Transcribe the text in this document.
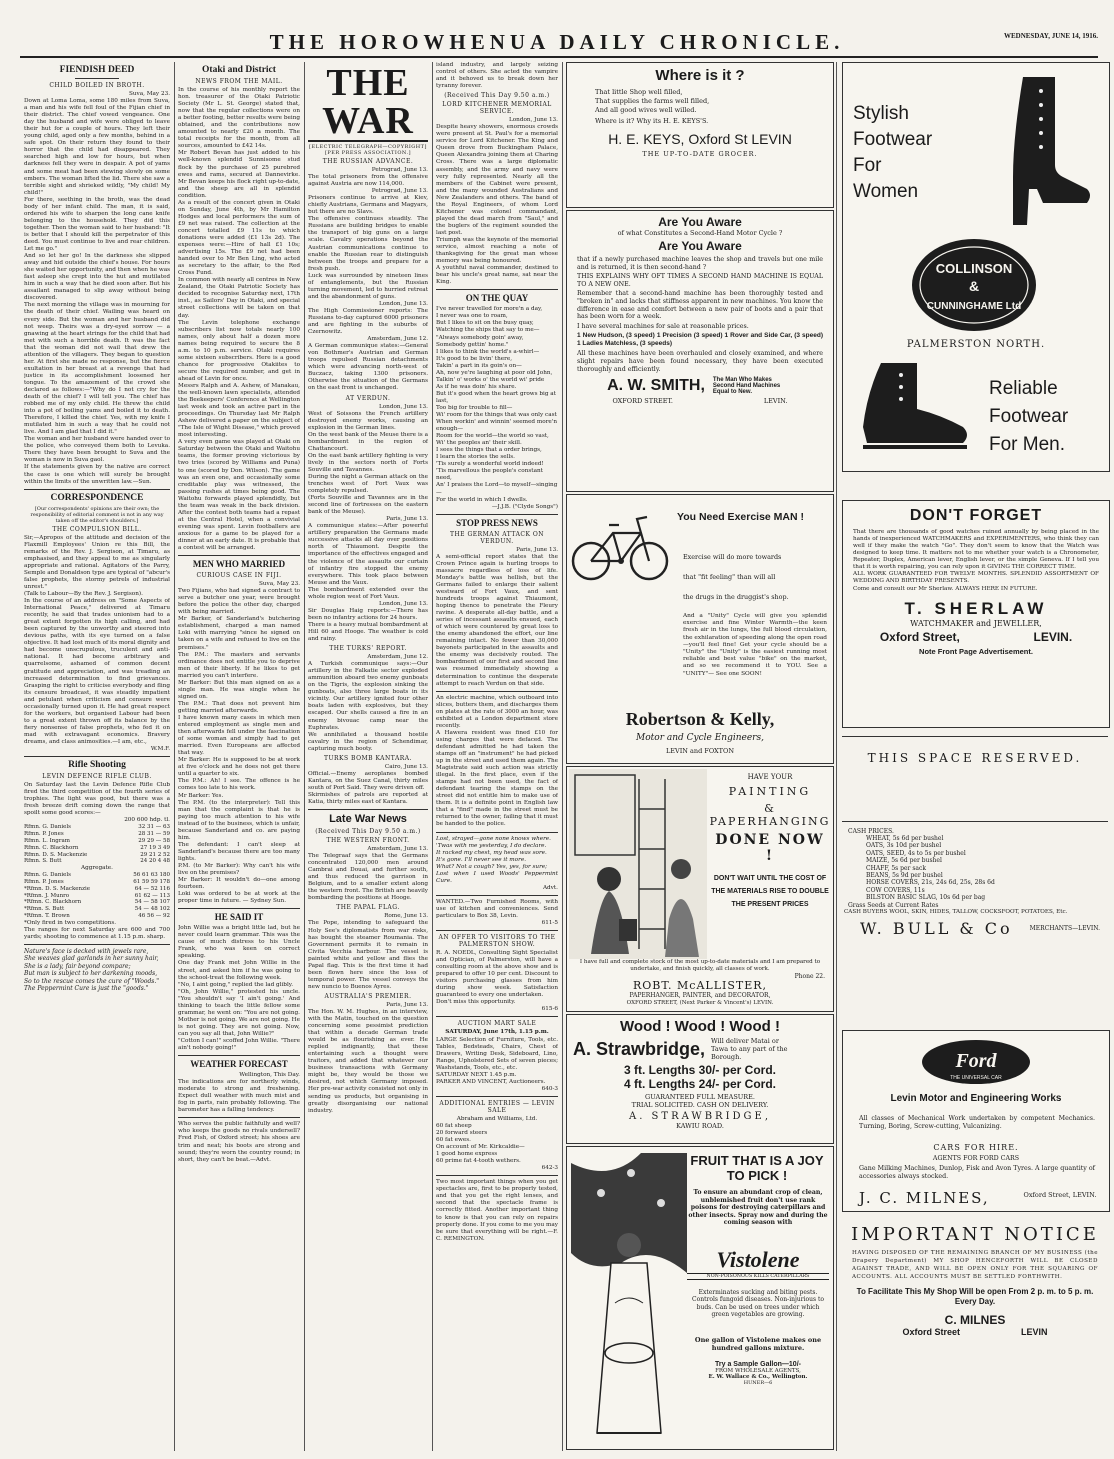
THE HOROWHENUA DAILY CHRONICLE.	WEDNESDAY, JUNE 14, 1916.
FIENDISH DEED
CHILD BOILED IN BROTH.
Suva, May 23.
Down at Loma Loma, some 180 miles from Suva, a man and his wife fell foul of the Fijian chief in their district. The chief vowed vengeance. One day the husband and wife were obliged to leave their hut for a couple of hours. They left their young child, aged only a few months, behind in a safe spot. On their return they found to their horror that the child had disappeared. They searched high and low for hours, but when darkness fell they were in despair. A pot of yams and some meat had been stewing slowly on some embers. The woman lifted the lid. There she saw a terrible sight and shrieked wildly, "My child! My child!"
For there, seething in the broth, was the dead body of her infant child. The man, it is said, ordered his wife to sharpen the long cane knife belonging to the household. They did this together. Then the woman said to her husband: "It is better that I should kill the perpetrator of this deed. You must continue to live and rear children. Let me go."
And so let her go! In the darkness she slipped away and hid outside the chief's house. For hours she waited her opportunity, and then when he was fast asleep she crept into the hut and mutilated him in such a way that he died soon after. But his assailant managed to slip away without being discovered.
The next morning the village was in mourning for the death of their chief. Wailing was heard on every side. But the woman and her husband did not weep. Theirs was a dry-eyed sorrow — a gnawing at the heart strings for the child that had met with such a horrible death. It was the fact that the woman did not wail that drew the attention of the villagers. They began to question her. At first she made no response, but the fierce exultation in her breast at a revenge that had justice in its accomplishment loosened her tongue. To the amazement of the crowd she declared as follows:—"Why do I not cry for the death of the chief? I will tell you. The chief has robbed me of my only child. He threw the child into a pot of boiling yams and boiled it to death. Therefore, I killed the chief. Yes, with my knife I mutilated him in such a way that he could not live. And I am glad that I did it."
The woman and her husband were handed over to the police, who conveyed them both to Levuka. There they have been brought to Suva and the woman is now in Suva gaol.
If the statements given by the native are correct the case is one which will surely be brought within the limits of the unwritten law.—Sun.
CORRESPONDENCE
[Our correspondents' opinions are their own; the responsibility of editorial comment is not in any way taken off the editor's shoulders.]
THE COMPULSION BILL.
Sir,—Apropos of the attitude and decision of the Flaxmill Employees' Union re this Bill, the remarks of the Rev. J. Sergison, at Timaru, as emphasised, and they appeal to me as singularly appropriate and rational. Agitators of the Parry, Semple and Donaldson type are typical of "abcur's false prophets, the stormy petrels of industrial unrest."
(Talk to Labour—By the Rev. J. Sergison).
In the course of an address on "Some Aspects of International Peace," delivered at Timaru recently, he said that trades unionism had to a great extent forgotten its high calling, and had been captured by the unworthy and steered into devious paths, with its eye turned on a false objective. It had lost much of its moral dignity and had become unscrupulous, truculent and anti-national. It had become arbitrary and quarrelsome, ashamed of common decent gratitude and appreciation, and was treading an increased determination to find grievances. Grasping the right to criticise everybody and fling its censure broadcast, it was steadily impatient and petulant when criticism and censure were occasionally turned upon it. He had great respect for the workers, but organised Labour had been to a great extent thrown off its balance by the fiery nonsense of false prophets, who fed it on mad with extravagant economics. Bravery dreams, and class animosities.—I am, etc.,
W.M.F.
Rifle Shooting
LEVIN DEFENCE RIFLE CLUB.
On Saturday last the Levin Defence Rifle Club fired the third competition of the fourth series of trophies. The light was good, but there was a fresh breeze drift coming down the range that spoilt some good scores:—
200 600 hdp. tl.
Rfmn. G. Daniels	32 31 — 63
Rfmn. P. Jones	28 31 — 59
Rfmn. L. Ingram	29 29 — 58
Rfmn. C. Blackhorn	27 19 3 49
Rfmn. D. S. Mackenzie	29 21 2 52
Rfmn. S. Butt	24 20 4 48
Aggregate.
Rfmn. G. Daniels	56 61 63 180
Rfmn. P. Jones	61 59 59 178
*Rfmn. D. S. Mackenzie	64 — 52 116
*Rfmn. J. Munro	61 62 — 113
*Rfmn. C. Blackhorn	54 — 58 107
*Rfmn. S. Butt	54 — 48 102
*Rfmn. T. Brown	46 56 — 92
*Only fired in two competitions.
The ranges for next Saturday are 600 and 700 yards; shooting to commence at 1.15 p.m. sharp.
Nature's face is decked with jewels rare,
She weaves glad garlands in her sunny hair,
She is a lady, fair beyond compare;
But man is subject to her darkening moods,
So to the rescue comes the cure of "Woods."
The Peppermint Cure is just the "goods."
Otaki and District
NEWS FROM THE MAIL.
In the course of his monthly report the hon. treasurer of the Otaki Patriotic Society (Mr L. St. George) stated that, now that the regular collections were on a better footing, better results were being obtained, and the contributions now amounted to nearly £20 a month. The total receipts for the month, from all sources, amounted to £42 14s.
Mr Robert Bevan has just added to his well-known splendid Sunnisome stud flock by the purchase of 25 purebred ewes and rams, secured at Dannevirke. Mr Bevan keeps his flock right up-to-date, and the sheep are all in splendid condition.
As a result of the concert given in Otaki on Sunday, June 4th, by Mr Hamilton Hodges and local performers the sum of £9 net was raised. The collection at the concert totalled £9 11s to which donations were added (£1 13s 2d). The expenses were:—Hire of hall £1 10s; advertising 15s. The £9 net had been handed over to Mr Ben Ling, who acted as secretary to the affair, to the Red Cross Fund.
In common with nearly all centres in New Zealand, the Otaki Patriotic Society has decided to recognise Saturday next, 17th inst., as Sailors' Day in Otaki, and special street collections will be taken on that day.
The Levin telephone exchange subscribers list now totals nearly 100 names, only about half a dozen more names being required to secure the 8 a.m. to 10 p.m. service. Otaki requires some sixteen subscribers. Here is a good chance for progressive Otakiites to secure the required number, and get in ahead of Levin for once.
Messrs Ralph and A. Ashew, of Manakau, the well-known lawn specialists, attended the Beekeepers' Conference at Wellington last week and took an active part in the proceedings. On Thursday last Mr Ralph Ashew delivered a paper on the subject of "The Isle of Wight Disease," which proved most interesting.
A very even game was played at Otaki on Saturday between the Otaki and Waitohu teams, the former proving victorious by two tries (scored by Williams and Puna) to one (scored by Don. Wilson). The game was an even one, and occasionally some creditable play was witnessed, the passing rushes at times being good. The Waitohu forwards played splendidly, but the team was weak in the back division. After the contest both teams had a repast at the Central Hotel, when a convivial evening was spent. Levin footballers are anxious for a game to be played for a dinner at an early date. It is probable that a contest will be arranged.
MEN WHO MARRIED
CURIOUS CASE IN FIJI.
Suva, May 23.
Two Fijians, who had signed a contract to serve a butcher one year, were brought before the police the other day, charged with being married.
Mr Barker, of Sanderland's butchering establishment, charged a man named Loki with marrying "since he signed on taken on a wife and refused to live on the premises."
The P.M.: The masters and servants ordinance does not entitle you to deprive men of their liberty. If he likes to get married you can't interfere.
Mr Barker: But this man signed on as a single man. He was single when he signed on.
The P.M.: That does not prevent him getting married afterwards.
I have known many cases in which men entered employment as single men and then afterwards fell under the fascination of some woman and simply had to get married. Even Europeans are affected that way.
Mr Barker: He is supposed to be at work at five o'clock and he does not get there until a quarter to six.
The P.M.: Ah! I see. The offence is he comes too late to his work.
Mr Barker: Yes.
The P.M. (to the interpreter): Tell this man that the complaint is that he is paying too much attention to his wife instead of to the business, which is unfair, because Sanderland and co. are paying him.
The defendant: I can't sleep at Sanderland's because there are too many lights.
P.M. (to Mr Barker): Why can't his wife live on the premises?
Mr Barker: It wouldn't do—one among fourteen.
Loki was ordered to be at work at the proper time in future. — Sydney Sun.
HE SAID IT
John Willie was a bright little lad, but he never could learn grammar. This was the cause of much distress to his Uncle Frank, who was keen on correct speaking.
One day Frank met John Willie in the street, and asked him if he was going to the school-treat the following week.
"No, I aint going," replied the lad glibly.
"Oh, John Willie," protested his uncle. "You shouldn't say 'I ain't going.' And thinking to teach the little fellow some grammar, he went on: "You are not going. Mother is not going. We are not going. He is not going. They are not going. Now, can you say all that, John Willie?"
"Cotton I can!" scoffed John Willie. "There ain't nobody going!"
WEATHER FORECAST
Wellington, This Day.
The indications are for northerly winds, moderate to strong and freshening. Expect dull weather with much mist and fog in parts, rain probably following. The barometer has a falling tendency.
Who serves the public faithfully and well? who keeps the goods no rivals undersell? Fred Fish, of Oxford street; his shoes are trim and neat; his boots are strong and sound; they're worn the country round; in short, they can't be beat.—Advt.
THE WAR
[ELECTRIC TELEGRAPH—COPYRIGHT] [PER PRESS ASSOCIATION.]
THE RUSSIAN ADVANCE.
Petrograd, June 13.
The total prisoners from the offensive against Austria are now 114,000.
Petrograd, June 13.
Prisoners continue to arrive at Kiev, chiefly Austrians, Germans and Magyars, but there are no Slavs.
The offensive continues steadily. The Russians are building bridges to enable the transport of big guns on a large scale. Cavalry operations beyond the Austrian communications continue to enable the Russian rear to distinguish between the troops and prepare for a fresh push.
Luck was surrounded by nineteen lines of entanglements, but the Russian turning movement, led to hurried retreat and the abandonment of guns.
London, June 13.
The High Commissioner reports: The Russians to-day captured 6000 prisoners and are fighting in the suburbs of Czernowitz.
Amsterdam, June 12.
A German communique states:—General von Bothmer's Austrian and German troops repulsed Russian detachments which were advancing north-west of Buczacz, taking 1300 prisoners. Otherwise the situation of the Germans on the east front is unchanged.
AT VERDUN.
London, June 13.
West of Soissons the French artillery destroyed enemy works, causing an explosion in the German lines.
On the west bank of the Meuse there is a bombardment in the region of Chattancourt.
On the east bank artillery fighting is very lively in the sectors north of Forts Souville and Tavannes.
During the night a German attack on the trenches west of Fort Vaux was completely repulsed.
(Forts Souville and Tavannes are in the second line of fortresses on the eastern bank of the Meuse).
Paris, June 13.
A communique states:—After powerful artillery preparation the Germans made successive attacks all day over positions north of Thiaumont. Despite the importance of the effectives engaged and the violence of the assaults our curtain of infantry fire stopped the enemy everywhere. This took place between Meuse and the Vaux.
The bombardment extended over the whole region west of Fort Vaux.
London, June 13.
Sir Douglas Haig reports:—There has been no infantry actions for 24 hours.
There is a heavy mutual bombardment at Hill 60 and Hooge. The weather is cold and rainy.
THE TURKS' REPORT.
Amsterdam, June 12.
A Turkish communique says:—Our artillery in the Falkatie sector exploded ammunition aboard two enemy gunboats on the Tigris, the explosion sinking the gunboats, also three large boats in its vicinity. Our artillery ignited four other boats laden with explosives, but they escaped. Our shells caused a fire in an enemy bivouac camp near the Euphrates.
We annihilated a thousand hostile cavalry in the region of Schendimar, capturing much booty.
TURKS BOMB KANTARA.
Cairo, June 13.
Official.—Enemy aeroplanes bombed Kantara, on the Suez Canal, thirty miles south of Port Said. They were driven off.
Skirmishes of patrols are reported at Katia, thirty miles east of Kantara.
Late War News
(Received This Day 9.50 a.m.)
THE WESTERN FRONT.
Amsterdam, June 13.
The Telegraaf says that the Germans concentrated 120,000 men around Cambrai and Douai, and further south, and thus reduced the garrison in Belgium, and to a smaller extent along the western front. The British are heavily bombarding the positions at Hooge.
THE PAPAL FLAG.
Rome, June 13.
The Pope, intending to safeguard the Holy See's diplomatists from war risks, has bought the steamer Roumania. The Government permits it to remain in Civita Vecchia harbour. The vessel is painted white and yellow and flies the Papal flag. This is the first time it had been flown here since the loss of temporal power. The vessel conveys the new nuncio to Buenos Ayres.
AUSTRALIA'S PREMIER.
Paris, June 13.
The Hon. W. M. Hughes, in an interview, with the Matin, touched on the question concerning some pessimist prediction that within a decade German trade would be as flourishing as ever. He replied indignantly, that these entertaining such a thought were traitors, and added that whatever our business transactions with Germany might be, they would be those we desired, not which Germany imposed. Her pre-war activity consisted not only in sending us products, but organising in greatly disorganising our national industry.
island industry, and largely seizing control of others. She acted the vampire and it behoved us to break down her tyranny forever.
(Received This Day 9.50 a.m.)
LORD KITCHENER MEMORIAL SERVICE.
London, June 13.
Despite heavy showers, enormous crowds were present at St. Paul's for a memorial service for Lord Kitchener. The King and Queen drove from Buckingham Palace, Queen Alexandra joining them at Charing Cross. There was a large diplomatic assembly, and the army and navy were very fully represented. Nearly all the members of the Cabinet were present, and the many wounded Australians and New Zealanders and others. The band of the Royal Engineers, of whom Lord Kitchener was colonel commandant, played the dead march from "Saul," and the buglers of the regiment sounded the last post.
Triumph was the keynote of the memorial service, almost reaching a note of thanksgiving for the great man whose memory was being honoured.
A youthful naval commander, destined to bear his uncle's great name, sat near the King.
ON THE QUAY
I've never travelled for more'n a day,
I never was one to roam,
But I likes to sit on the busy quay,
Watching the ships that say to me—
"Always somebody goin' away,
Somebody gettin' home."
I likes to think the world's a-whirl—
It's good to be livin' there,
Takin' a part in its goin's on—
Ah, now ye're laughing at poor old John,
Talkin' o' works o' the world wi' pride
As if he was doin' his share.
But it's good when the heart grows big at last,
Too big for trouble to fill—
Wi' room for the things that was only cast
When workin' and winnin' seemed more'n enough—
Room for the world—the world so vast,
Wi' the peoples an' their skill.
I sees the things that a order brings,
I learn the stories the sells.
'Tis surely a wonderful world indeed!
'Tis marvellous the people's constant need,
An' I praises the Lord—to myself—singing—
For the world in which I dwells.
—J.J.B. ("Clyde Songs")
STOP PRESS NEWS
THE GERMAN ATTACK ON VERDUN.
Paris, June 13.
A semi-official report states that the Crown Prince again is hurling troops to massacre regardless of loss of life. Monday's battle was hellish, but the Germans failed to enlarge their salient westward of Fort Vaux, and sent hundreds troops against Thiaumont, hoping thence to penetrate the Fleury ravine. A desperate all-day battle, and a series of incessant assaults ensued, each of which were countered by great loss to the enemy abandoned the effort, our line remaining intact. No fewer than 30,000 bayonets participated in the assaults and the enemy was decisively routed. The bombardment of our first and second line was resumed immediately showing a determination to continue the desperate attempt to reach Verdun on that side.
An electric machine, which outboard into slices, butters them, and discharges them on plates at the rate of 3000 an hour, was exhibited at a London department store recently.
A Hawera resident was fined £10 for using charges that were defaced. The defendant admitted he had taken the stamps off an "instrument" he had picked up in the street and used them again. The Magistrate said such action was strictly illegal. In the first place, even if the stamps had not been used, the fact of defendant tearing the stamps on the street did not entitle him to make use of them. It is a definite point in English law that a "find" made in the street must be returned to the owner, failing that it must be handed to the police.
Lost, strayed—gone none knows where.
'Twas with me yesterday, I do declare.
It racked my chest, my head was sore.
It's gone. I'll never see it more.
What? Not a cough? Yes, yes, for sure;
Lost when I used Woods' Peppermint Cure.
Advt.
WANTED.—Two Furnished Rooms, with use of kitchen and conveniences. Send particulars to Box 38, Levin.
611-5
AN OFFER TO VISITORS TO THE PALMERSTON SHOW.
R. A. NOEDL, Consulting Sight Specialist and Optician, of Palmerston, will have a consulting room at the above show and is prepared to offer 10 per cent. Discount to visitors purchasing glasses from him during show week. Satisfaction guaranteed to every one undertaken.
Don't miss this opportunity.
615-6
AUCTION MART SALE
SATURDAY, June 17th, 1.15 p.m.
LARGE Selection of Furniture, Tools, etc. Tables, Bedsteads, Chairs, Chest of Drawers, Writing Desk, Sideboard, Lino, Range, Upholstered Sets of seven pieces; Washstands, Tools, etc., etc.
SATURDAY NEXT 1.45 p.m.
PARKER AND VINCENT, Auctioneers.
640-3
ADDITIONAL ENTRIES — LEVIN SALE
Abraham and Williams, Ltd.
60 fat sheep
20 forward steers
60 fat ewes.
On account of Mr. Kirkcaldie—
1 good home express
60 prime fat 4-tooth wethers.
642-3
Two most important things when you get spectacles are, first to be properly tested, and that you get the right lenses, and second that the spectacle frame is correctly fitted. Another important thing to know is that you can rely on repairs properly done. If you come to me you may be sure that everything will be right.—F. C. REMINGTON.
Where is it ?
That little Shop well filled,
That supplies the farms well filled,
And all good wives well willed.
Where is it? Why its H. E. KEYS'S.
H. E. KEYS, Oxford St LEVIN
THE UP-TO-DATE GROCER.
Are You Aware
of what Constitutes a Second-Hand Motor Cycle ?
Are You Aware
that if a newly purchased machine leaves the shop and travels but one mile and is returned, it is then second-hand ?
THIS EXPLAINS WHY OFT TIMES A SECOND HAND MACHINE IS EQUAL TO A NEW ONE.
Remember that a second-hand machine has been thoroughly tested and "broken in" and lacks that stiffness apparent in new machines. You know the difference in ease and comfort between a new pair of boots and a pair that has been worn for a week.
I have several machines for sale at reasonable prices.
1 New Hudson, (3 speed) 1 Precision (3 speed) 1 Rover and Side Car, (3 speed) 1 Ladies Matchless, (3 speeds)
All these machines have been overhauled and closely examined, and where slight repairs have been found necessary, they have been executed thoroughly and efficiently.
A. W. SMITH, The Man Who Makes Second Hand Machines Equal to New.
OXFORD STREET.	LEVIN.
You Need Exercise MAN !
Exercise will do more towards
that "fit feeling" than will all
the drugs in the druggist's shop.
And a "Unity" Cycle will give you splendid exercise and fine Winter Warmth—the keen fresh air in the lungs, the full blood circulation, the exhilaration of speeding along the open road—you'll feel fine! Get your cycle should be a "Unity" the "Unity" is the easiest running most reliable and best value "bike" on the market, and so we recommend it to YOU. See a "UNITY"— See one SOON!
Robertson & Kelly,
Motor and Cycle Engineers,
LEVIN and FOXTON
HAVE YOUR
PAINTING
& PAPERHANGING
DONE NOW !
DON'T WAIT UNTIL THE COST OF THE MATERIALS RISE TO DOUBLE THE PRESENT PRICES
I have full and complete stock of the most up-to-date materials and I am prepared to undertake, and finish quickly, all classes of work.
Phone 22.
ROBT. McALLISTER,
PAPERHANGER, PAINTER, and DECORATOR,
OXFORD STREET, (Next Parker & Vincent's) LEVIN.
Wood ! Wood ! Wood !
A. Strawbridge, Will deliver Matai or Tawa to any part of the Borough.
3 ft. Lengths 30/- per Cord.
4 ft. Lengths 24/- per Cord.
GUARANTEED FULL MEASURE.
TRIAL SOLICITED. CASH ON DELIVERY.
A. STRAWBRIDGE,
KAWIU ROAD.
FRUIT THAT IS A JOY TO PICK !
To ensure an abundant crop of clean, unblemished fruit don't use rank poisons for destroying caterpillars and other insects. Spray now and during the coming season with
Vistolene
NON-POISONOUS KILLS CATERPILLARS
Exterminates sucking and biting pests. Controls fungoid diseases. Non-injurious to buds. Can be used on trees under which green vegetables are growing.
One gallon of Vistolene makes one hundred gallons mixture.
Try a Sample Gallon—10/-
FROM WHOLESALE AGENTS,
E. W. Wallace & Co., Wellington.
HUNER—6
Stylish
Footwear
For
Women
COLLINSON
&
CUNNINGHAME Ltd
PALMERSTON NORTH.
Reliable
Footwear
For Men.
DON'T FORGET
That there are thousands of good watches ruined annually by being placed in the hands of inexperienced WATCHMAKERS and EXPERIMENTERS, who think they can well if they make the watch "Go". They don't seem to know that the Watch was designed to keep time. It matters not to me whether your watch is a Chronometer, Repeater, Duplex, American lever, English lever, or the simple Geneva. If I tell you that it is worth repairing, you can rely upon it GIVING THE CORRECT TIME.
ALL WORK GUARANTEED FOR TWELVE MONTHS. SPLENDID ASSORTMENT OF WEDDING AND BIRTHDAY PRESENTS.
Come and consult our Mr Sherlaw. ALWAYS HERE IN FUTURE.
T. SHERLAW
WATCHMAKER and JEWELLER,
Oxford Street,	LEVIN.
Note Front Page Advertisement.
THIS SPACE RESERVED.
CASH PRICES.
WHEAT, 5s 6d per bushel
OATS, 3s 10d per bushel
OATS, SEED, 4s to 5s per bushel
MAIZE, 5s 6d per bushel
CHAFF, 5s per sack
BEANS, 5s 9d per bushel
HORSE COVERS, 21s, 24s 6d, 25s, 28s 6d
COW COVERS, 11s
BILSTON BASIC SLAG, 10s 6d per bag
Grass Seeds at Current Rates
CASH BUYERS WOOL, SKIN, HIDES, TALLOW, COCKSFOOT, POTATOES, Etc.
W. BULL & Co	MERCHANTS—LEVIN.
Ford
THE UNIVERSAL CAR
Levin Motor and Engineering Works
All classes of Mechanical Work undertaken by competent Mechanics. Turning, Boring, Screw-cutting, Vulcanizing.
CARS FOR HIRE.
AGENTS FOR FORD CARS
Gane Milking Machines, Dunlop, Fisk and Avon Tyres. A large quantity of accessories always stocked.
J. C. MILNES,	Oxford Street, LEVIN.
IMPORTANT NOTICE
HAVING DISPOSED OF THE REMAINING BRANCH OF MY BUSINESS (the Drapery Department) MY SHOP HENCEFORTH WILL BE CLOSED AGAINST TRADE, AND WILL BE OPEN ONLY FOR THE SQUARING OF ACCOUNTS. ALL ACCOUNTS MUST BE SETTLED FORTHWITH.
To Facilitate This My Shop Will be open From 2 p. m. to 5 p. m. Every Day.
C. MILNES
Oxford Street	LEVIN
